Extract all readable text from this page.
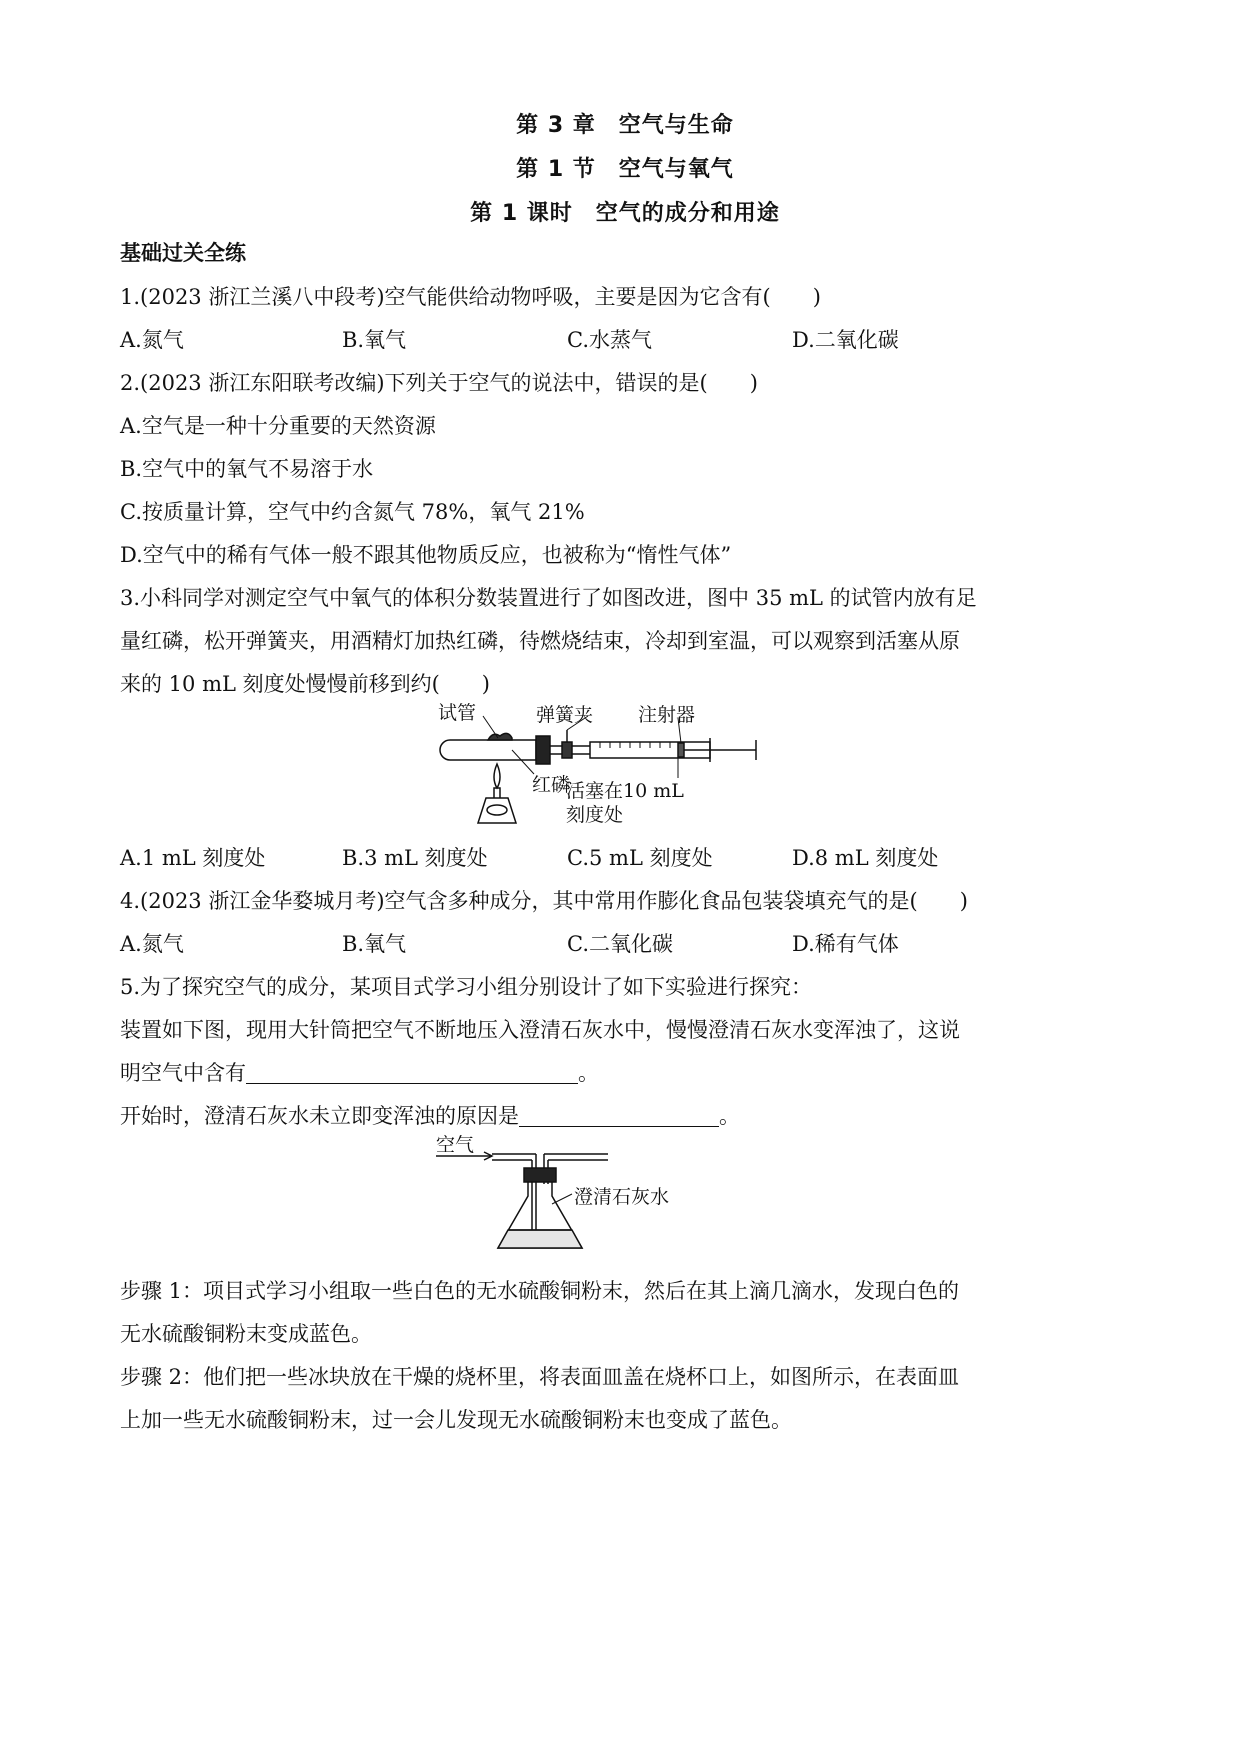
第 3 章　空气与生命
第 1 节　空气与氧气
第 1 课时　空气的成分和用途
基础过关全练
1.(2023 浙江兰溪八中段考)空气能供给动物呼吸，主要是因为它含有(　　)
A.氮气	B.氧气	C.水蒸气	D.二氧化碳
2.(2023 浙江东阳联考改编)下列关于空气的说法中，错误的是(　　)
A.空气是一种十分重要的天然资源
B.空气中的氧气不易溶于水
C.按质量计算，空气中约含氮气 78%，氧气 21%
D.空气中的稀有气体一般不跟其他物质反应，也被称为“惰性气体”
3.小科同学对测定空气中氧气的体积分数装置进行了如图改进，图中 35 mL 的试管内放有足
量红磷，松开弹簧夹，用酒精灯加热红磷，待燃烧结束，冷却到室温，可以观察到活塞从原
来的 10 mL 刻度处慢慢前移到约(　　)
试管	弹簧夹 注射器
红磷
活塞在10 mL
刻度处
A.1 mL 刻度处	B.3 mL 刻度处	C.5 mL 刻度处	D.8 mL 刻度处
4.(2023 浙江金华婺城月考)空气含多种成分，其中常用作膨化食品包装袋填充气的是(　　)
A.氮气	B.氧气	C.二氧化碳	D.稀有气体
5.为了探究空气的成分，某项目式学习小组分别设计了如下实验进行探究：
装置如下图，现用大针筒把空气不断地压入澄清石灰水中，慢慢澄清石灰水变浑浊了，这说
明空气中含有	。
开始时，澄清石灰水未立即变浑浊的原因是	。
空气
澄清石灰水
步骤 1：项目式学习小组取一些白色的无水硫酸铜粉末，然后在其上滴几滴水，发现白色的
无水硫酸铜粉末变成蓝色。
步骤 2：他们把一些冰块放在干燥的烧杯里，将表面皿盖在烧杯口上，如图所示，在表面皿
上加一些无水硫酸铜粉末，过一会儿发现无水硫酸铜粉末也变成了蓝色。
